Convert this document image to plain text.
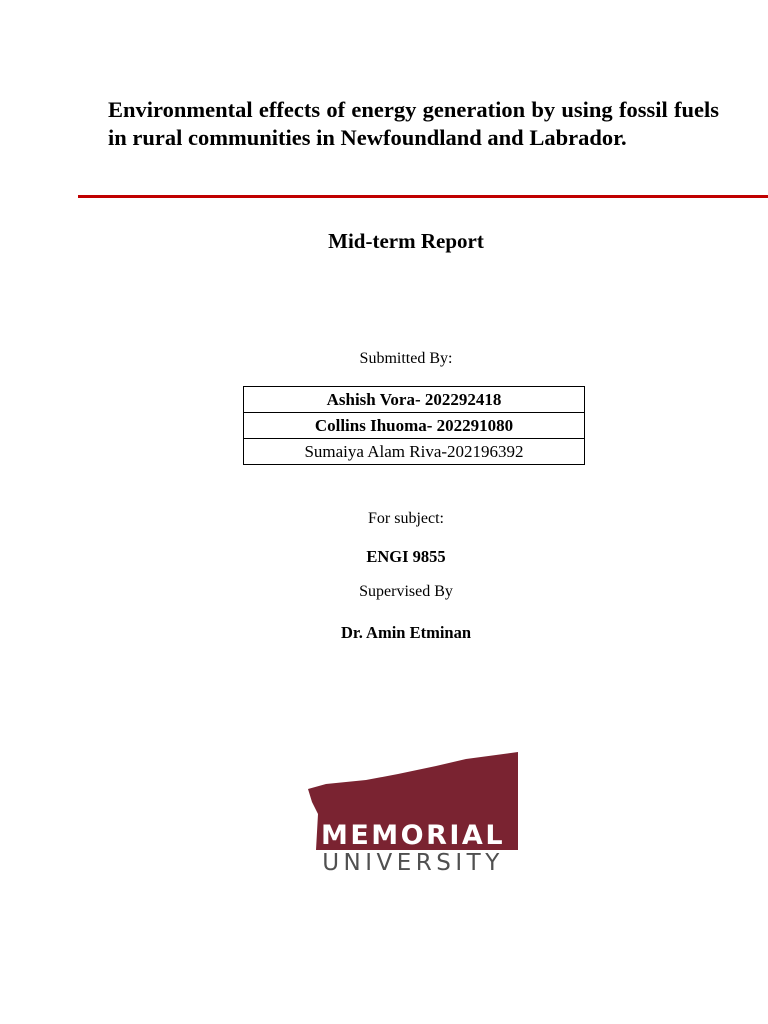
Environmental effects of energy generation by using fossil fuels in rural communities in Newfoundland and Labrador.
Mid-term Report

Submitted By:

Ashish Vora- 202292418
Collins Ihuoma- 202291080
Sumaiya Alam Riva-202196392

For subject:

ENGI 9855

Supervised By

Dr. Amin Etminan

MEMORIAL

UNIVERSITY
